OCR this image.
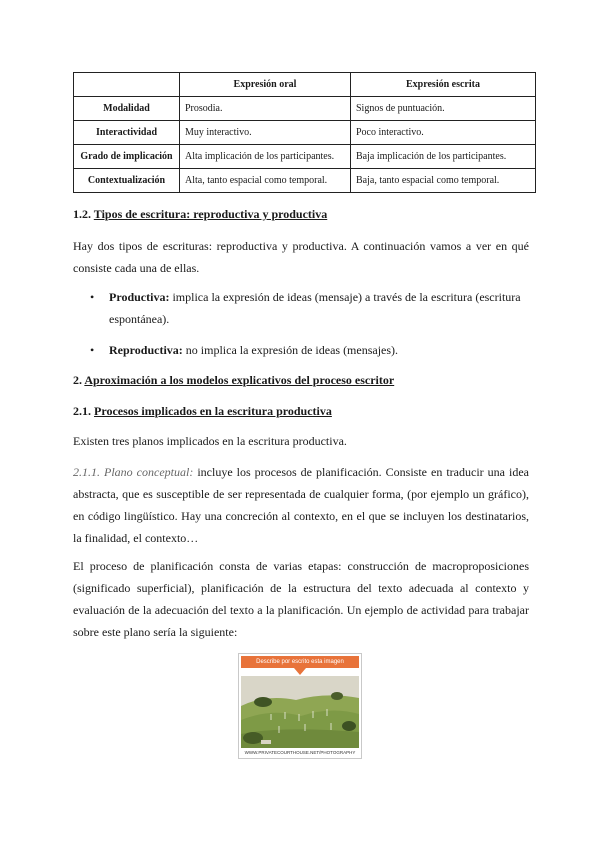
	Expresión oral	Expresión escrita
Modalidad	Prosodia.	Signos de puntuación.
Interactividad	Muy interactivo.	Poco interactivo.
Grado de implicación	Alta implicación de los participantes.	Baja implicación de los participantes.
Contextualización	Alta, tanto espacial como temporal.	Baja, tanto espacial como temporal.

1.2. Tipos de escritura: reproductiva y productiva

Hay dos tipos de escrituras: reproductiva y productiva. A continuación vamos a ver en qué consiste cada una de ellas.

• Productiva: implica la expresión de ideas (mensaje) a través de la escritura (escritura espontánea).
• Reproductiva: no implica la expresión de ideas (mensajes).

2. Aproximación a los modelos explicativos del proceso escritor

2.1. Procesos implicados en la escritura productiva

Existen tres planos implicados en la escritura productiva.

2.1.1. Plano conceptual: incluye los procesos de planificación. Consiste en traducir una idea abstracta, que es susceptible de ser representada de cualquier forma, (por ejemplo un gráfico), en código lingüístico. Hay una concreción al contexto, en el que se incluyen los destinatarios, la finalidad, el contexto…

El proceso de planificación consta de varias etapas: construcción de macroproposiciones (significado superficial), planificación de la estructura del texto adecuada al contexto y evaluación de la adecuación del texto a la planificación. Un ejemplo de actividad para trabajar sobre este plano sería la siguiente:

Describe por escrito esta imagen
WWW.PRIVATECOURTHOUSE.NET/PHOTOGRAPHY
